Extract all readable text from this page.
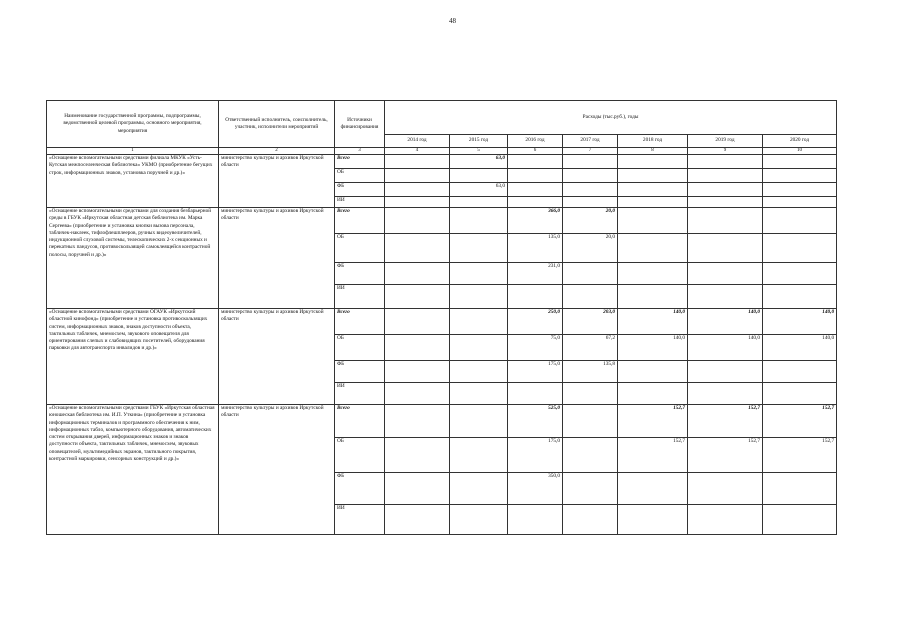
48
Наименование государственной программы, подпрограммы, ведомственной целевой программы, основного мероприятия, мероприятия	Ответственный исполнитель, соисполнитель, участник, исполнители мероприятий	Источники финансирования	Расходы (тыс.руб.), годы						
			2014 год	2015 год	2016 год	2017 год	2018 год	2019 год	2020 год
1	2	3	4	5	6	7	8	9	10
«Оснащение вспомогательными средствами филиала МКУК «Усть-Кутская межпоселенческая библиотека» УКМО (приобретение бегущих строк, информационных знаков, установка поручней и др.)»	министерство культуры и архивов Иркутской области	Всего		63,0					
		ОБ							
		ФБ		63,0					
		ИИ							
«Оснащение вспомогательными средствами для создания безбарьерной среды в ГБУК «Иркутская областная детская библиотека им. Марка Сергеева» (приобретение и установка кнопки вызова персонала, табличек-наклеек, тифлофлешплееров, ручных видеоувеличителей, индукционной слуховой системы, телескопических 2-х секционных и перекатных пандусов, противоскользящей самоклеящейся контрастной полосы, поручней и др.)»	министерство культуры и архивов Иркутской области	Всего			366,0	20,0			
		ОБ			135,0	20,0			
		ФБ			231,0				
		ИИ							
«Оснащение вспомогательными средствами ОГАУК «Иркутский областной кинофонд» (приобретение и установка противоскользящих систем, информационных знаков, знаков доступности объекта, тактильных табличек, мнемосхем, звукового оповещателя для ориентирования слепых и слабовидящих посетителей, оборудования парковки для автотранспорта инвалидов и др.)»	министерство культуры и архивов Иркутской области	Всего			250,0	203,0	140,0	140,0	140,0
		ОБ			75,0	67,2	140,0	140,0	140,0
		ФБ			175,0	135,8			
		ИИ							
«Оснащение вспомогательными средствами ГБУК «Иркутская областная юношеская библиотека им. И.П. Уткина» (приобретение и установка информационных терминалов и программного обеспечения к ним, информационных табло, компьютерного оборудования, автоматических систем открывания дверей, информационных знаков и знаков доступности объекта, тактильных табличек, мнемосхем, звуковых оповещателей, мультимедийных экранов, тактильного покрытия, контрастной маркировки, сенсорных конструкций и др.)»	министерство культуры и архивов Иркутской области	Всего			525,0		152,7	152,7	152,7
		ОБ			175,0		152,7	152,7	152,7
		ФБ			350,0				
		ИИ							
